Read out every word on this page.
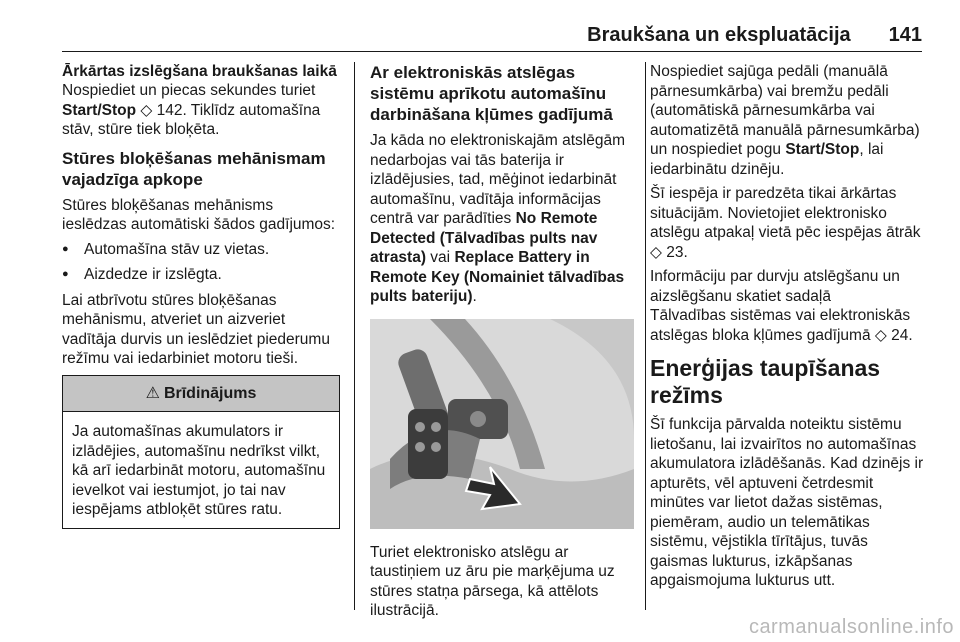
Braukšana un ekspluatācija 141
Ārkārtas izslēgšana braukšanas laikā

Nospiediet un piecas sekundes turiet Start/Stop ◇ 142. Tiklīdz automašīna stāv, stūre tiek bloķēta.

Stūres bloķēšanas mehānismam vajadzīga apkope

Stūres bloķēšanas mehānisms ieslēdzas automātiski šādos gadījumos:

● Automašīna stāv uz vietas.
● Aizdedze ir izslēgta.

Lai atbrīvotu stūres bloķēšanas mehānismu, atveriet un aizveriet vadītāja durvis un ieslēdziet piederumu režīmu vai iedarbiniet motoru tieši.

⚠ Brīdinājums
Ja automašīnas akumulators ir izlādējies, automašīnu nedrīkst vilkt, kā arī iedarbināt motoru, automašīnu ievelkot vai iestumjot, jo tai nav iespējams atbloķēt stūres ratu.
Ar elektroniskās atslēgas sistēmu aprīkotu automašīnu darbināšana kļūmes gadījumā

Ja kāda no elektroniskajām atslēgām nedarbojas vai tās baterija ir izlādējusies, tad, mēģinot iedarbināt automašīnu, vadītāja informācijas centrā var parādīties No Remote Detected (Tālvadības pults nav atrasta) vai Replace Battery in Remote Key (Nomainiet tālvadības pults bateriju).

Turiet elektronisko atslēgu ar taustiņiem uz āru pie marķējuma uz stūres statņa pārsega, kā attēlots ilustrācijā.

Nospiediet sajūga pedāli (manuālā pārnesumkārba) vai bremžu pedāli (automātiskā pārnesumkārba vai automatizētā manuālā pārnesumkārba) un nospiediet pogu Start/Stop, lai iedarbinātu dzinēju.

Šī iespēja ir paredzēta tikai ārkārtas situācijām. Novietojiet elektronisko atslēgu atpakaļ vietā pēc iespējas ātrāk ◇ 23.

Informāciju par durvju atslēgšanu un aizslēgšanu skatiet sadaļā
Tālvadības sistēmas vai elektroniskās atslēgas bloka kļūmes gadījumā ◇ 24.

Enerģijas taupīšanas režīms

Šī funkcija pārvalda noteiktu sistēmu lietošanu, lai izvairītos no automašīnas akumulatora izlādēšanās. Kad dzinējs ir apturēts, vēl aptuveni četrdesmit minūtes var lietot dažas sistēmas, piemēram, audio un telemātikas sistēmu, vējstikla tīrītājus, tuvās gaismas lukturus, izkāpšanas apgaismojuma lukturus utt.

carmanualsonline.info
